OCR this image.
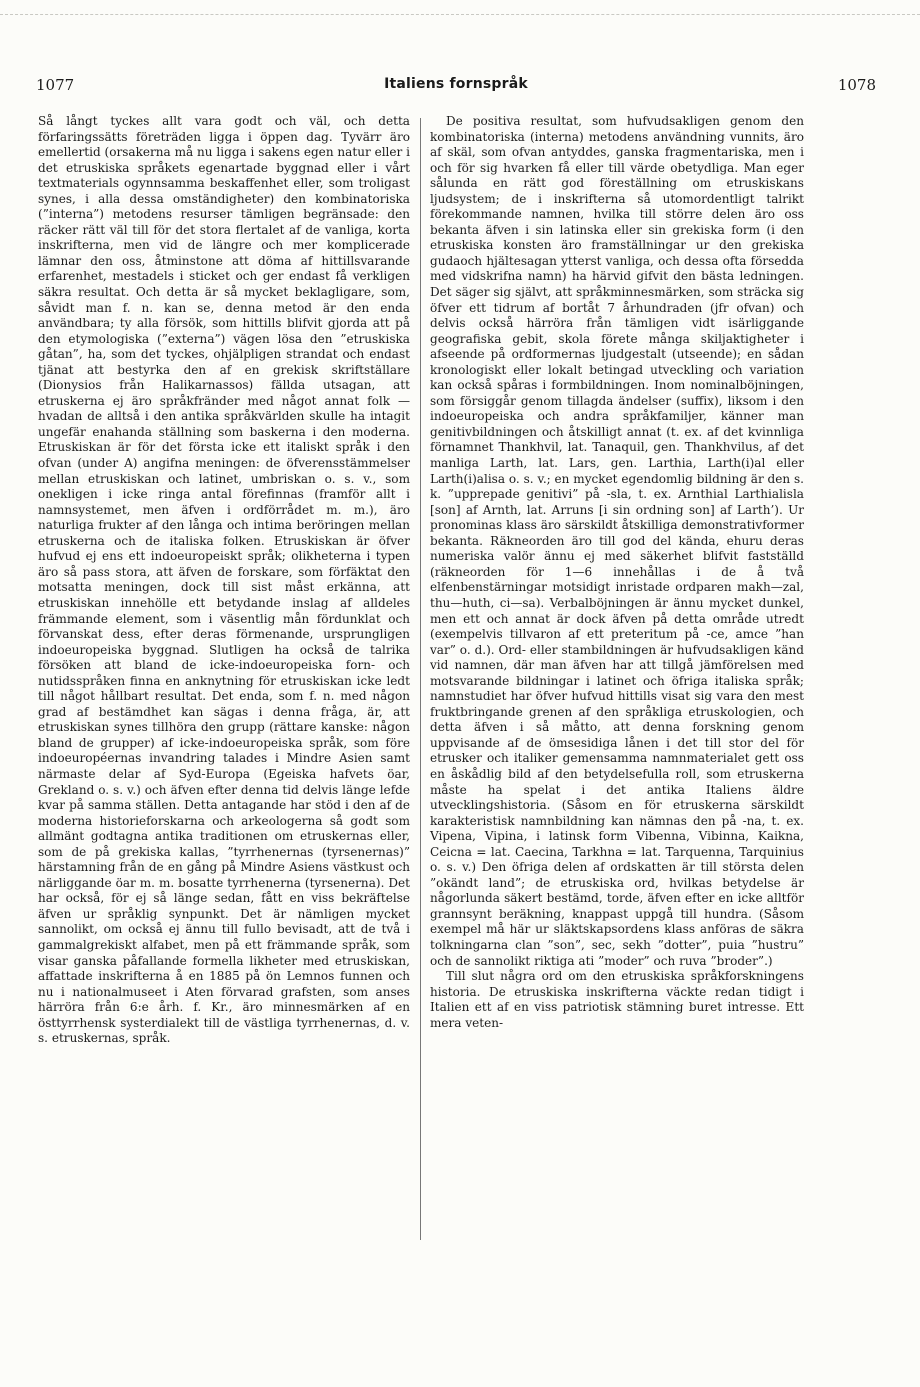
1077	Italiens fornspråk	1078

Så långt tyckes allt vara godt och väl, och detta förfaringssätts företräden ligga i öppen dag. Tyvärr äro emellertid (orsakerna må nu ligga i sakens egen natur eller i det etruskiska språkets egenartade byggnad eller i vårt textmaterials ogynnsamma beskaffenhet eller, som troligast synes, i alla dessa omständigheter) den kombinatoriska (”interna”) metodens resurser tämligen begränsade: den räcker rätt väl till för det stora flertalet af de vanliga, korta inskrifterna, men vid de längre och mer komplicerade lämnar den oss, åtminstone att döma af hittillsvarande erfarenhet, mestadels i sticket och ger endast få verkligen säkra resultat. Och detta är så mycket beklagligare, som, såvidt man f. n. kan se, denna metod är den enda användbara; ty alla försök, som hittills blifvit gjorda att på den etymologiska (”externa”) vägen lösa den ”etruskiska gåtan”, ha, som det tyckes, ohjälpligen strandat och endast tjänat att bestyrka den af en grekisk skriftställare (Dionysios från Halikarnassos) fällda utsagan, att etruskerna ej äro språkfränder med något annat folk — hvadan de alltså i den antika språkvärlden skulle ha intagit ungefär enahanda ställning som baskerna i den moderna. Etruskiskan är för det första icke ett italiskt språk i den ofvan (under A) angifna meningen: de öfverensstämmelser mellan etruskiskan och latinet, umbriskan o. s. v., som onekligen i icke ringa antal förefinnas (framför allt i namnsystemet, men äfven i ordförrådet m. m.), äro naturliga frukter af den långa och intima beröringen mellan etruskerna och de italiska folken. Etruskiskan är öfver hufvud ej ens ett indoeuropeiskt språk; olikheterna i typen äro så pass stora, att äfven de forskare, som förfäktat den motsatta meningen, dock till sist måst erkänna, att etruskiskan innehölle ett betydande inslag af alldeles främmande element, som i väsentlig mån fördunklat och förvanskat dess, efter deras förmenande, ursprungligen indoeuropeiska byggnad. Slutligen ha också de talrika försöken att bland de icke-indoeuropeiska forn- och nutidsspråken finna en anknytning för etruskiskan icke ledt till något hållbart resultat. Det enda, som f. n. med någon grad af bestämdhet kan sägas i denna fråga, är, att etruskiskan synes tillhöra den grupp (rättare kanske: någon bland de grupper) af icke-indoeuropeiska språk, som före indoeuropéernas invandring talades i Mindre Asien samt närmaste delar af Syd-Europa (Egeiska hafvets öar, Grekland o. s. v.) och äfven efter denna tid delvis länge lefde kvar på samma ställen. Detta antagande har stöd i den af de moderna historieforskarna och arkeologerna så godt som allmänt godtagna antika traditionen om etruskernas eller, som de på grekiska kallas, ”tyrrhenernas (tyrsenernas)” härstamning från de en gång på Mindre Asiens västkust och närliggande öar m. m. bosatte tyrrhenerna (tyrsenerna). Det har också, för ej så länge sedan, fått en viss bekräftelse äfven ur språklig synpunkt. Det är nämligen mycket sannolikt, om också ej ännu till fullo bevisadt, att de två i gammalgrekiskt alfabet, men på ett främmande språk, som visar ganska påfallande formella likheter med etruskiskan, affattade inskrifterna å en 1885 på ön Lemnos funnen och nu i nationalmuseet i Aten förvarad grafsten, som anses härröra från 6:e årh. f. Kr., äro minnesmärken af en östtyrrhensk systerdialekt till de västliga tyrrhenernas, d. v. s. etruskernas, språk.

De positiva resultat, som hufvudsakligen genom den kombinatoriska (interna) metodens användning vunnits, äro af skäl, som ofvan antyddes, ganska fragmentariska, men i och för sig hvarken få eller till värde obetydliga. Man eger sålunda en rätt god föreställning om etruskiskans ljudsystem; de i inskrifterna så utomordentligt talrikt förekommande namnen, hvilka till större delen äro oss bekanta äfven i sin latinska eller sin grekiska form (i den etruskiska konsten äro framställningar ur den grekiska gudaoch hjältesagan ytterst vanliga, och dessa ofta försedda med vidskrifna namn) ha härvid gifvit den bästa ledningen. Det säger sig självt, att språkminnesmärken, som sträcka sig öfver ett tidrum af bortåt 7 århundraden (jfr ofvan) och delvis också härröra från tämligen vidt isärliggande geografiska gebit, skola förete många skiljaktigheter i afseende på ordformernas ljudgestalt (utseende); en sådan kronologiskt eller lokalt betingad utveckling och variation kan också spåras i formbildningen. Inom nominalböjningen, som försiggår genom tillagda ändelser (suffix), liksom i den indoeuropeiska och andra språkfamiljer, känner man genitivbildningen och åtskilligt annat (t. ex. af det kvinnliga förnamnet Thankhvil, lat. Tanaquil, gen. Thankhvilus, af det manliga Larth, lat. Lars, gen. Larthia, Larth(i)al eller Larth(i)alisa o. s. v.; en mycket egendomlig bildning är den s. k. ”upprepade genitivi” på -sla, t. ex. Arnthial Larthialisla [son] af Arnth, lat. Arruns [i sin ordning son] af Larth’). Ur pronominas klass äro särskildt åtskilliga demonstrativformer bekanta. Räkneorden äro till god del kända, ehuru deras numeriska valör ännu ej med säkerhet blifvit fastställd (räkneorden för 1—6 innehållas i de å två elfenbenstärningar motsidigt inristade ordparen makh—zal, thu—huth, ci—sa). Verbalböjningen är ännu mycket dunkel, men ett och annat är dock äfven på detta område utredt (exempelvis tillvaron af ett preteritum på -ce, amce ”han var” o. d.). Ord- eller stambildningen är hufvudsakligen känd vid namnen, där man äfven har att tillgå jämförelsen med motsvarande bildningar i latinet och öfriga italiska språk; namnstudiet har öfver hufvud hittills visat sig vara den mest fruktbringande grenen af den språkliga etruskologien, och detta äfven i så måtto, att denna forskning genom uppvisande af de ömsesidiga lånen i det till stor del för etrusker och italiker gemensamma namnmaterialet gett oss en åskådlig bild af den betydelsefulla roll, som etruskerna måste ha spelat i det antika Italiens äldre utvecklingshistoria. (Såsom en för etruskerna särskildt karakteristisk namnbildning kan nämnas den på -na, t. ex. Vipena, Vipina, i latinsk form Vibenna, Vibinna, Kaikna, Ceicna = lat. Caecina, Tarkhna = lat. Tarquenna, Tarquinius o. s. v.) Den öfriga delen af ordskatten är till största delen ”okändt land”; de etruskiska ord, hvilkas betydelse är någorlunda säkert bestämd, torde, äfven efter en icke alltför grannsynt beräkning, knappast uppgå till hundra. (Såsom exempel må här ur släktskapsordens klass anföras de säkra tolkningarna clan ”son”, sec, sekh ”dotter”, puia ”hustru” och de sannolikt riktiga ati ”moder” och ruva ”broder”.)

Till slut några ord om den etruskiska språkforskningens historia. De etruskiska inskrifterna väckte redan tidigt i Italien ett af en viss patriotisk stämning buret intresse. Ett mera veten-
